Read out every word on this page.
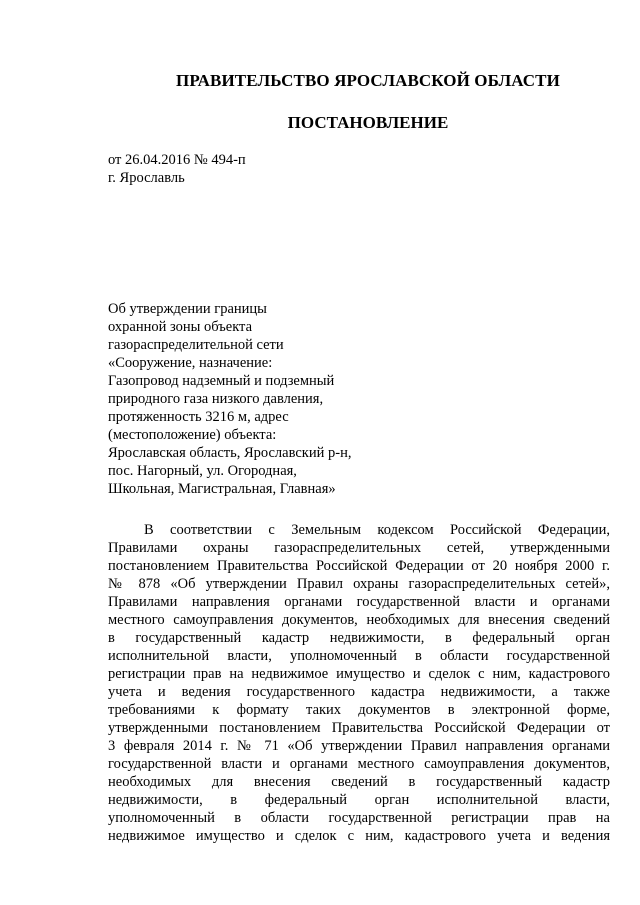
ПРАВИТЕЛЬСТВО ЯРОСЛАВСКОЙ ОБЛАСТИ
ПОСТАНОВЛЕНИЕ
от 26.04.2016 № 494-п
г. Ярославль
Об утверждении границы
охранной зоны объекта
газораспределительной сети
«Сооружение, назначение:
Газопровод надземный и подземный
природного газа низкого давления,
протяженность 3216 м, адрес
(местоположение) объекта:
Ярославская область, Ярославский р-н,
пос. Нагорный, ул. Огородная,
Школьная, Магистральная, Главная»
В соответствии с Земельным кодексом Российской Федерации,
Правилами охраны газораспределительных сетей, утвержденными
постановлением Правительства Российской Федерации от 20 ноября 2000 г.
№ 878 «Об утверждении Правил охраны газораспределительных сетей»,
Правилами направления органами государственной власти и органами
местного самоуправления документов, необходимых для внесения сведений
в государственный кадастр недвижимости, в федеральный орган
исполнительной власти, уполномоченный в области государственной
регистрации прав на недвижимое имущество и сделок с ним, кадастрового
учета и ведения государственного кадастра недвижимости, а также
требованиями к формату таких документов в электронной форме,
утвержденными постановлением Правительства Российской Федерации от
3 февраля 2014 г. № 71 «Об утверждении Правил направления органами
государственной власти и органами местного самоуправления документов,
необходимых для внесения сведений в государственный кадастр
недвижимости, в федеральный орган исполнительной власти,
уполномоченный в области государственной регистрации прав на
недвижимое имущество и сделок с ним, кадастрового учета и ведения
